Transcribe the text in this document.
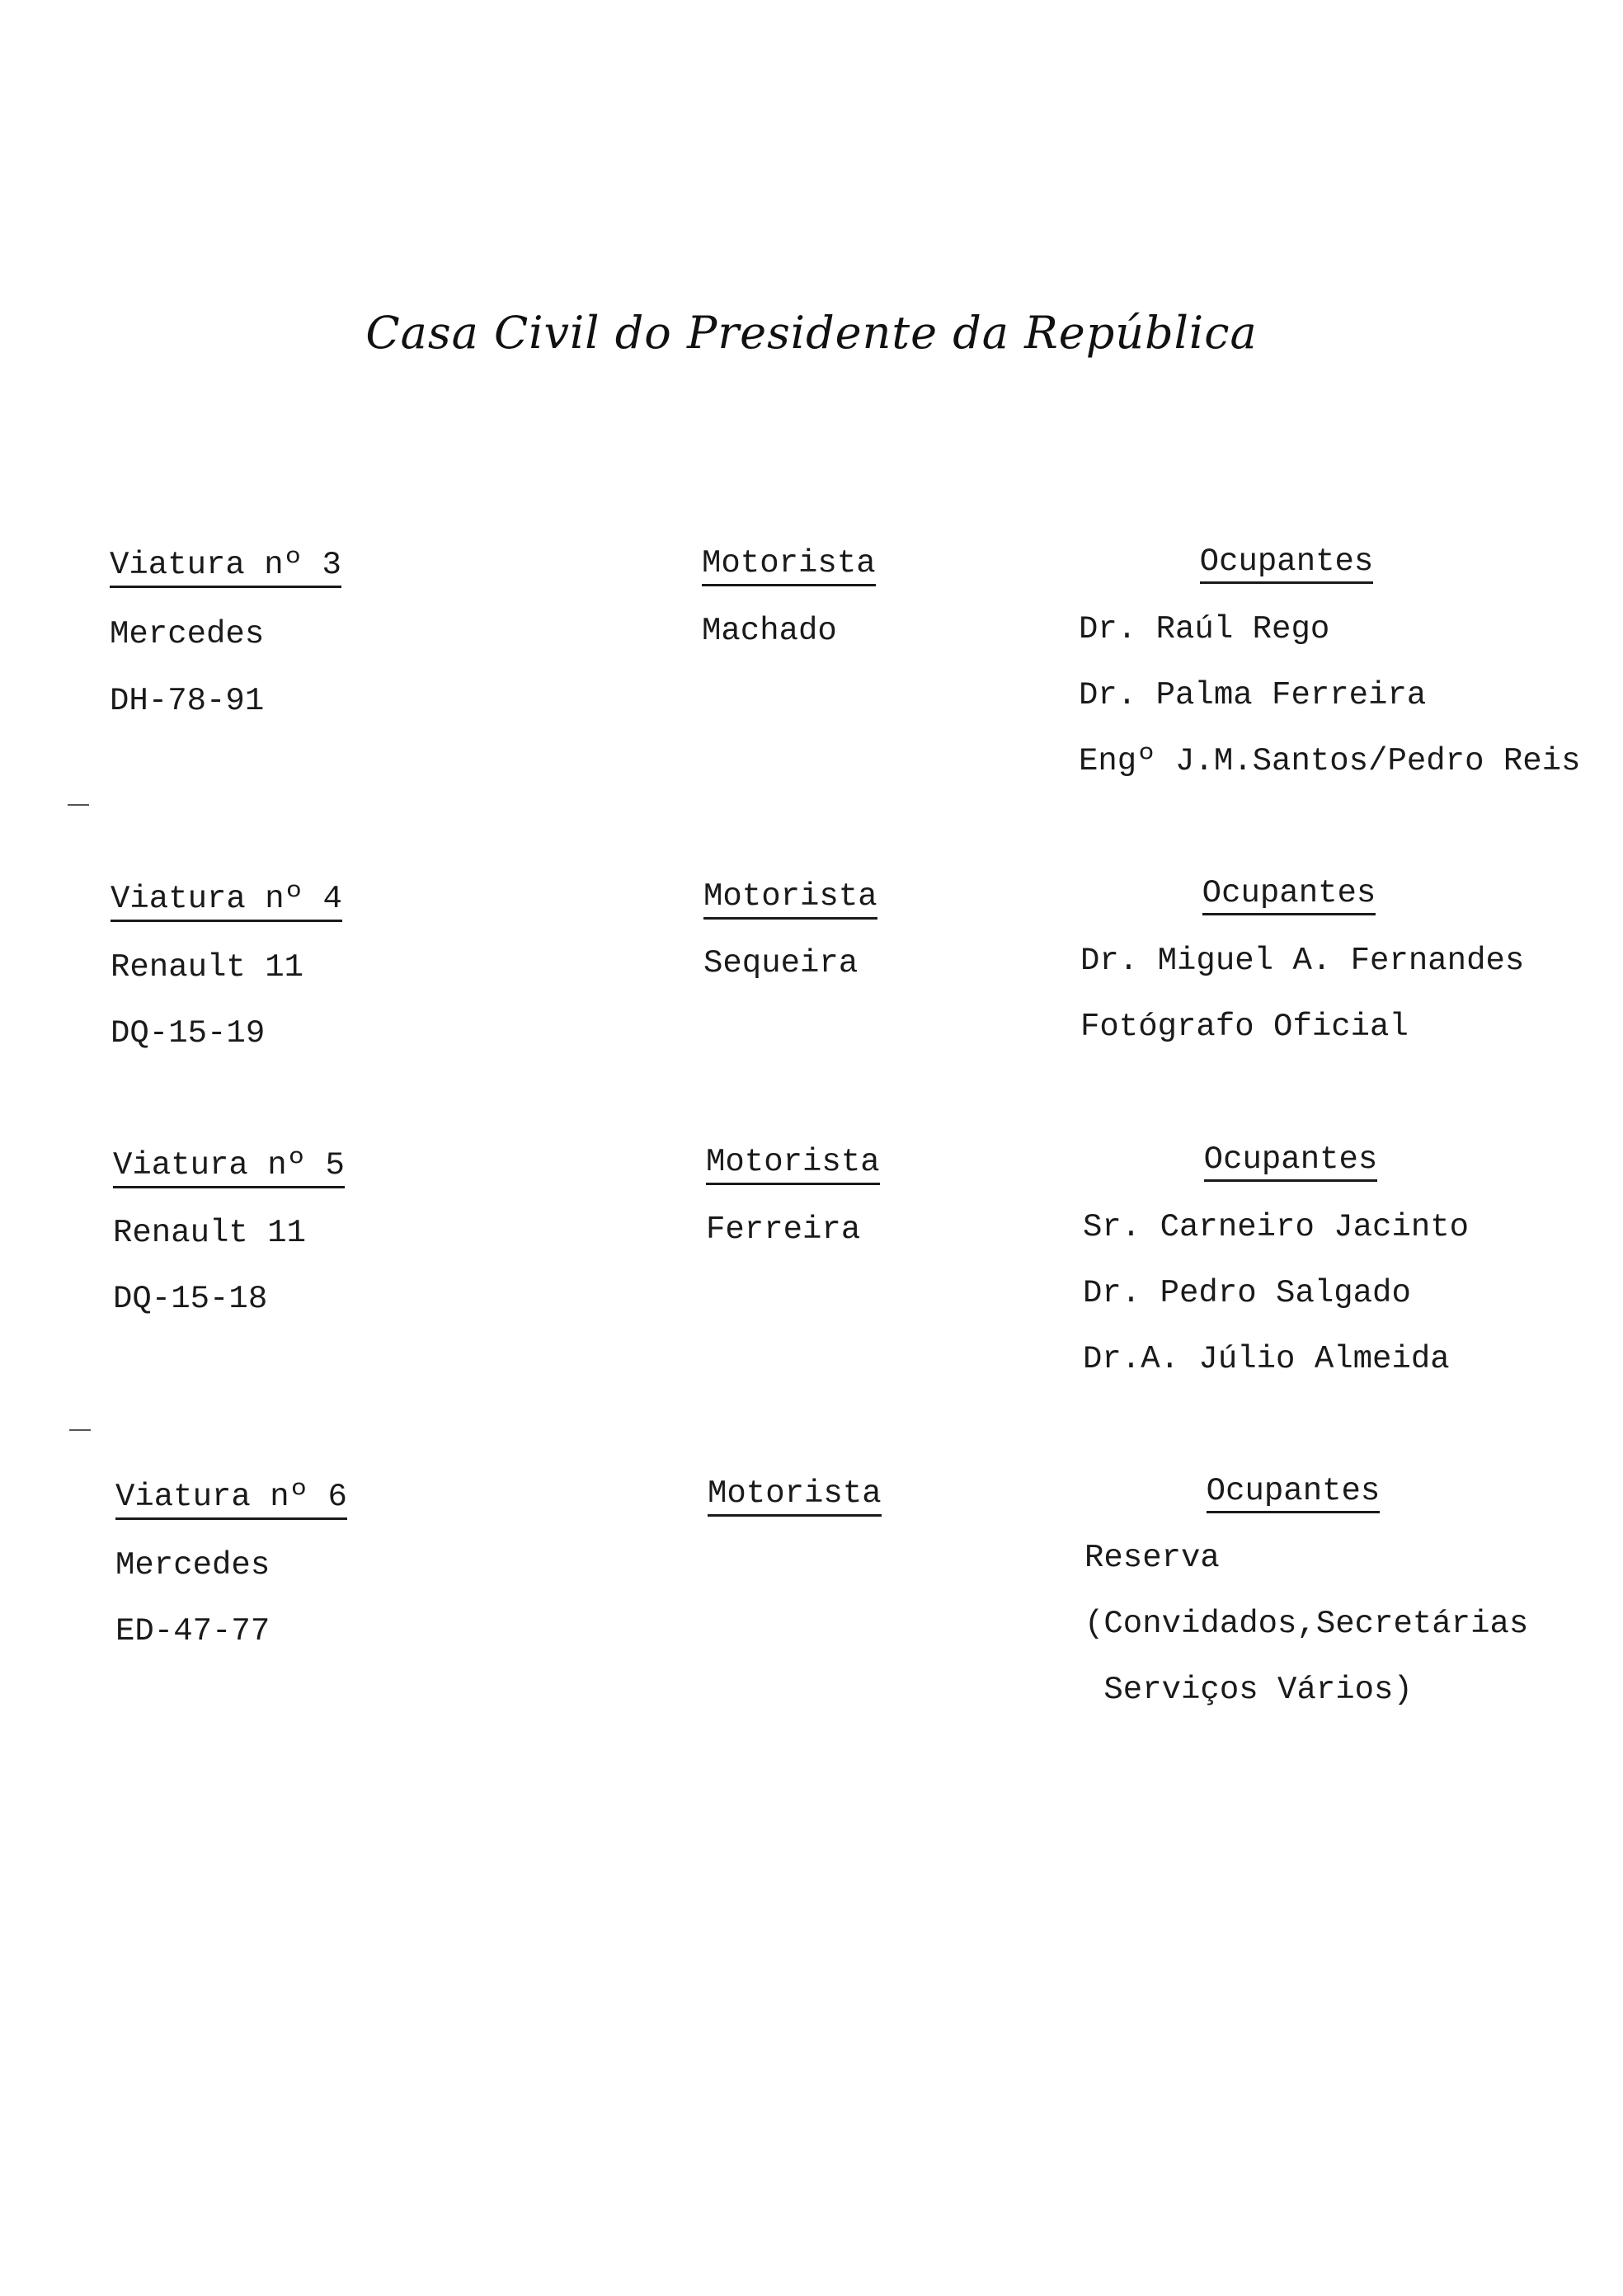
Casa Civil do Presidente da República
Viatura nº 3
Mercedes
DH-78-91
Motorista
Machado
Ocupantes
Dr. Raúl Rego
Dr. Palma Ferreira
Engº J.M.Santos/Pedro Reis
Viatura nº 4
Renault 11
DQ-15-19
Motorista
Sequeira
Ocupantes
Dr. Miguel A. Fernandes
Fotógrafo Oficial
Viatura nº 5
Renault 11
DQ-15-18
Motorista
Ferreira
Ocupantes
Sr. Carneiro Jacinto
Dr. Pedro Salgado
Dr.A. Júlio Almeida
Viatura nº 6
Mercedes
ED-47-77
Motorista	Ocupantes
Reserva
(Convidados,Secretárias
Serviços Vários)
